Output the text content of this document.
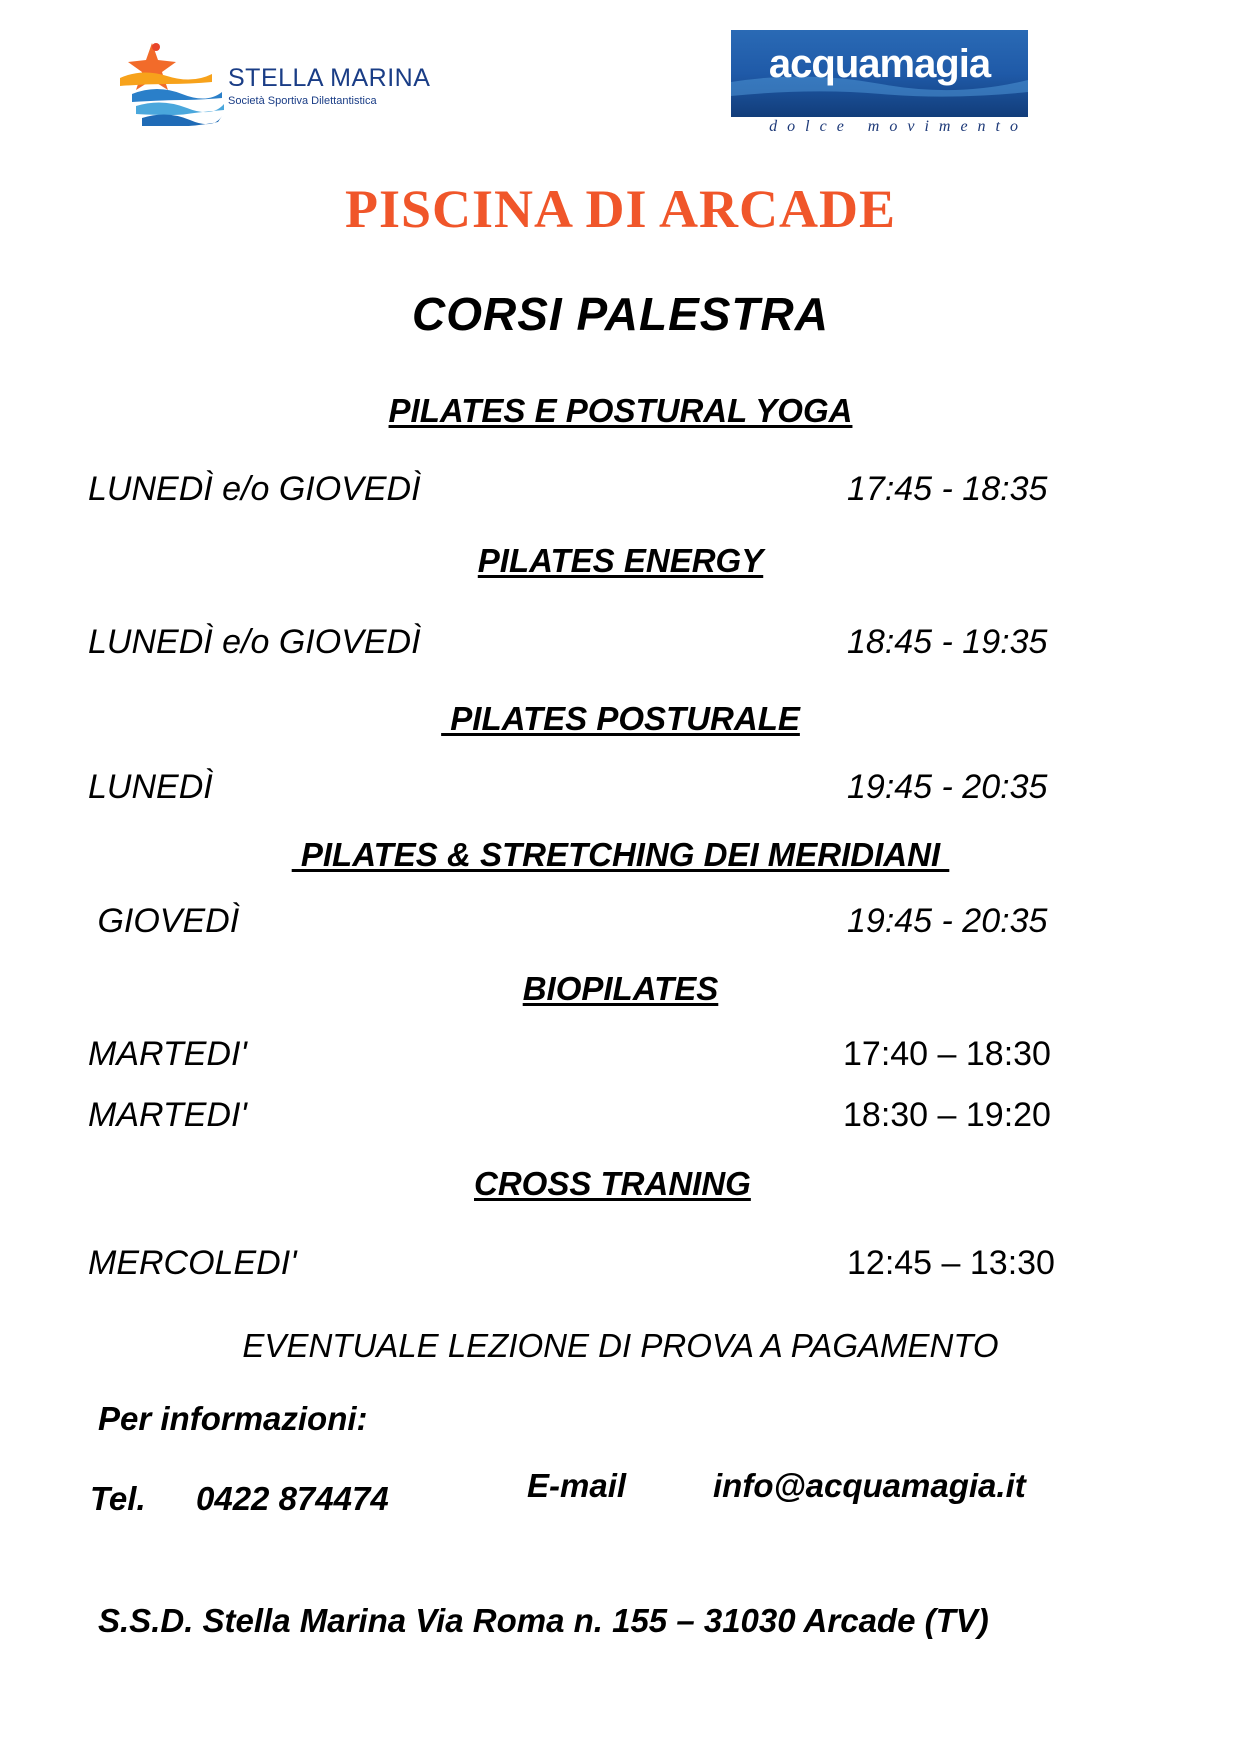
STELLA MARINA
Società Sportiva Dilettantistica
acquamagia
dolce movimento
PISCINA DI ARCADE
CORSI PALESTRA
PILATES E POSTURAL YOGA
LUNEDÌ e/o GIOVEDÌ	17:45 - 18:35
PILATES ENERGY
LUNEDÌ e/o GIOVEDÌ	18:45 - 19:35
PILATES POSTURALE
LUNEDÌ	19:45 - 20:35
PILATES & STRETCHING DEI MERIDIANI
GIOVEDÌ	19:45 - 20:35
BIOPILATES
MARTEDI'	17:40 – 18:30
MARTEDI'	18:30 – 19:20
CROSS TRANING
MERCOLEDI'	12:45 – 13:30
EVENTUALE LEZIONE DI PROVA A PAGAMENTO
Per informazioni:
Tel. 0422 874474	E-mail	info@acquamagia.it
S.S.D. Stella Marina Via Roma n. 155 – 31030 Arcade (TV)
